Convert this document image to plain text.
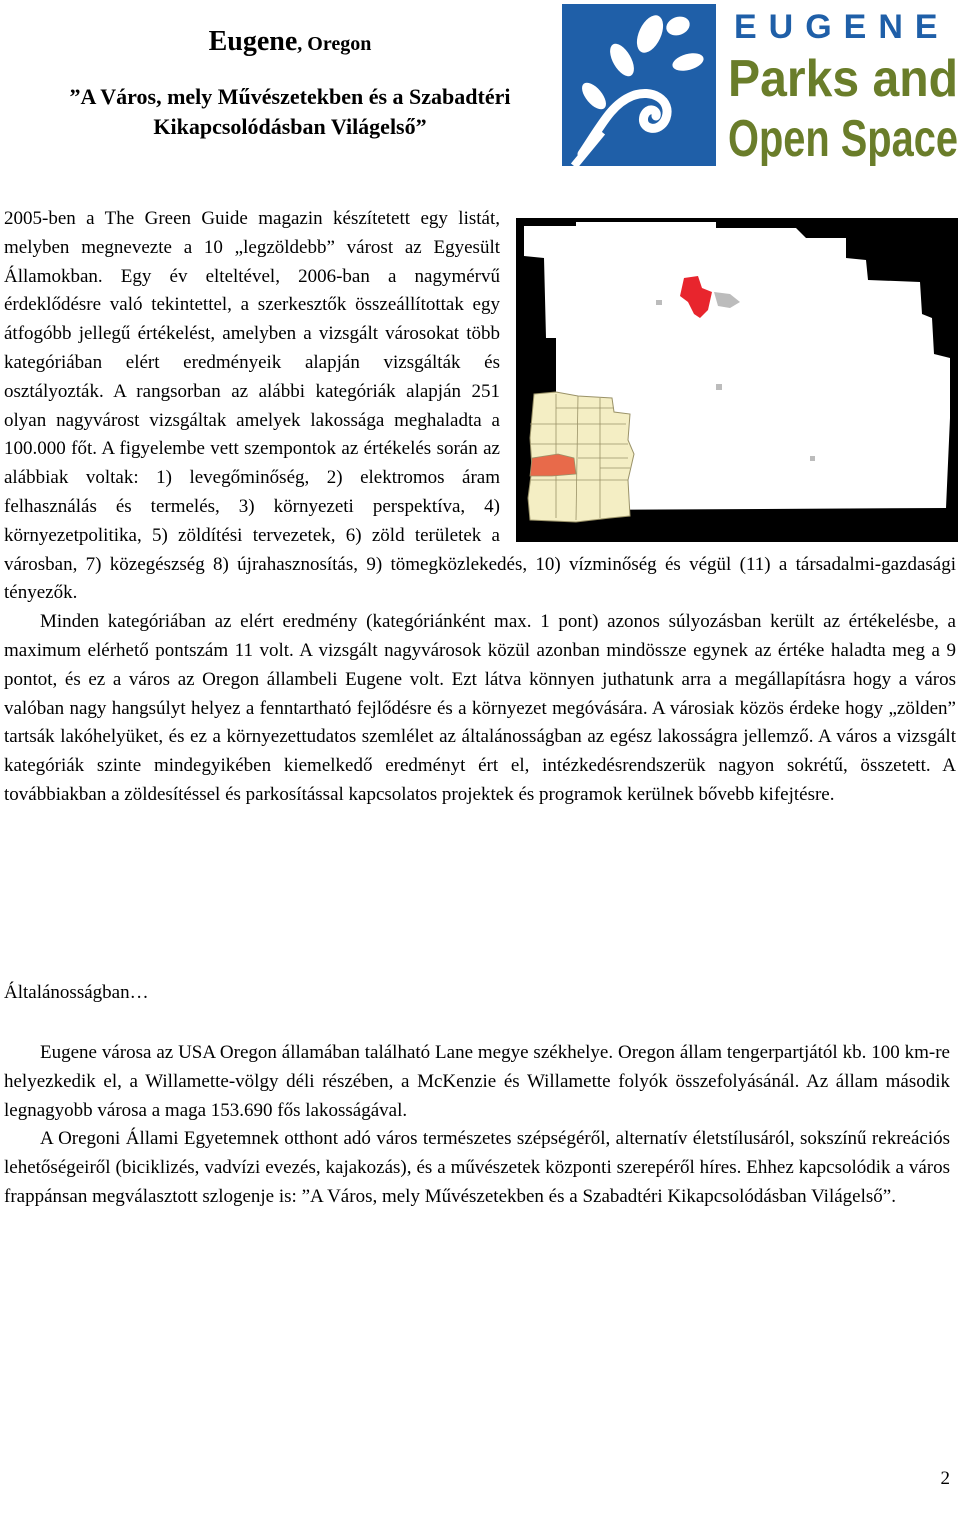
Eugene, Oregon
”A Város, mely Művészetekben és a Szabadtéri
Kikapcsolódásban Világelső”
EUGENE
Parks and
Open Space

2005-ben a The Green Guide magazin készítetett egy listát, melyben megnevezte a 10 „legzöldebb” várost az Egyesült Államokban. Egy év elteltével, 2006-ban a nagymérvű érdeklődésre való tekintettel, a szerkesztők összeállítottak egy átfogóbb jellegű értékelést, amelyben a vizsgált városokat több kategóriában elért eredményeik alapján vizsgálták és osztályozták. A rangsorban az alábbi kategóriák alapján 251 olyan nagyvárost vizsgáltak amelyek lakossága meghaladta a 100.000 főt. A figyelembe vett szempontok az értékelés során az alábbiak voltak: 1) levegőminőség, 2) elektromos áram felhasználás és termelés, 3) környezeti perspektíva, 4) környezetpolitika, 5) zöldítési tervezetek, 6) zöld területek a városban, 7) közegészség 8) újrahasznosítás, 9) tömegközlekedés, 10) vízminőség és végül (11) a társadalmi-gazdasági tényezők.

Minden kategóriában az elért eredmény (kategóriánként max. 1 pont) azonos súlyozásban került az értékelésbe, a maximum elérhető pontszám 11 volt. A vizsgált nagyvárosok közül azonban mindössze egynek az értéke haladta meg a 9 pontot, és ez a város az Oregon állambeli Eugene volt. Ezt látva könnyen juthatunk arra a megállapításra hogy a város valóban nagy hangsúlyt helyez a fenntartható fejlődésre és a környezet megóvására. A városiak közös érdeke hogy „zölden” tartsák lakóhelyüket, és ez a környezettudatos szemlélet az általánosságban az egész lakosságra jellemző. A város a vizsgált kategóriák szinte mindegyikében kiemelkedő eredményt ért el, intézkedésrendszerük nagyon sokrétű, összetett. A továbbiakban a zöldesítéssel és parkosítással kapcsolatos projektek és programok kerülnek bővebb kifejtésre.

Általánosságban…

Eugene városa az USA Oregon államában található Lane megye székhelye. Oregon állam tengerpartjától kb. 100 km-re helyezkedik el, a Willamette-völgy déli részében, a McKenzie és Willamette folyók összefolyásánál. Az állam második legnagyobb városa a maga 153.690 fős lakosságával.

A Oregoni Állami Egyetemnek otthont adó város természetes szépségéről, alternatív életstílusáról, sokszínű rekreációs lehetőségeiről (biciklizés, vadvízi evezés, kajakozás), és a művészetek központi szerepéről híres. Ehhez kapcsolódik a város frappánsan megválasztott szlogenje is: ”A Város, mely Művészetekben és a Szabadtéri Kikapcsolódásban Világelső”.

2
